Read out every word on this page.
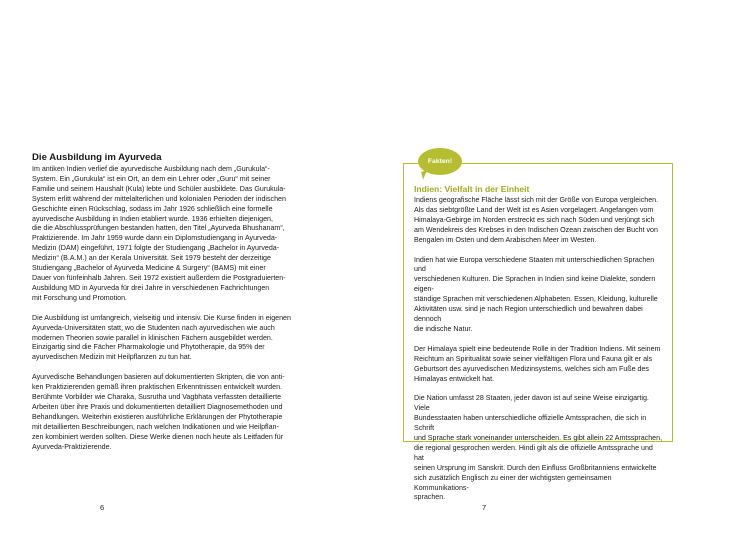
Die Ausbildung im Ayurveda

Im antiken Indien verlief die ayurvedische Ausbildung nach dem „Gurukula“-
System. Ein „Gurukula“ ist ein Ort, an dem ein Lehrer oder „Guru“ mit seiner
Familie und seinem Haushalt (Kula) lebte und Schüler ausbildete. Das Gurukula-
System erlitt während der mittelalterlichen und kolonialen Perioden der indischen
Geschichte einen Rückschlag, sodass im Jahr 1926 schließlich eine formelle
ayurvedische Ausbildung in Indien etabliert wurde. 1936 erhielten diejenigen,
die die Abschlussprüfungen bestanden hatten, den Titel „Ayurveda Bhushanam“,
Praktizierende. Im Jahr 1959 wurde dann ein Diplomstudiengang in Ayurveda-
Medizin (DAM) eingeführt, 1971 folgte der Studiengang „Bachelor in Ayurveda-
Medizin“ (B.A.M.) an der Kerala Universität. Seit 1979 besteht der derzeitige
Studiengang „Bachelor of Ayurveda Medicine & Surgery“ (BAMS) mit einer
Dauer von fünfeinhalb Jahren. Seit 1972 existiert außerdem die Postgraduierten-
Ausbildung MD in Ayurveda für drei Jahre in verschiedenen Fachrichtungen
mit Forschung und Promotion.

Die Ausbildung ist umfangreich, vielseitig und intensiv. Die Kurse finden in eigenen
Ayurveda-Universitäten statt, wo die Studenten nach ayurvedischen wie auch
modernen Theorien sowie parallel in klinischen Fächern ausgebildet werden.
Einzigartig sind die Fächer Pharmakologie und Phytotherapie, da 95% der
ayurvedischen Medizin mit Heilpflanzen zu tun hat.

Ayurvedische Behandlungen basieren auf dokumentierten Skripten, die von anti-
ken Praktizierenden gemäß ihren praktischen Erkenntnissen entwickelt wurden.
Berühmte Vorbilder wie Charaka, Susrutha und Vagbhata verfassten detaillierte
Arbeiten über ihre Praxis und dokumentierten detailliert Diagnosemethoden und
Behandlungen. Weiterhin existieren ausführliche Erklärungen der Phytotherapie
mit detaillierten Beschreibungen, nach welchen Indikationen und wie Heilpflan-
zen kombiniert werden sollten. Diese Werke dienen noch heute als Leitfaden für
Ayurveda-Praktizierende.

6
Fakten!
Indien: Vielfalt in der Einheit

Indiens geografische Fläche lässt sich mit der Größe von Europa vergleichen.
Als das siebtgrößte Land der Welt ist es Asien vorgelagert. Angefangen vom
Himalaya-Gebirge im Norden erstreckt es sich nach Süden und verjüngt sich
am Wendekreis des Krebses in den Indischen Ozean zwischen der Bucht von
Bengalen im Osten und dem Arabischen Meer im Westen.

Indien hat wie Europa verschiedene Staaten mit unterschiedlichen Sprachen und
verschiedenen Kulturen. Die Sprachen in Indien sind keine Dialekte, sondern eigen-
ständige Sprachen mit verschiedenen Alphabeten. Essen, Kleidung, kulturelle
Aktivitäten usw. sind je nach Region unterschiedlich und bewahren dabei dennoch
die indische Natur.

Der Himalaya spielt eine bedeutende Rolle in der Tradition Indiens. Mit seinem
Reichtum an Spiritualität sowie seiner vielfältigen Flora und Fauna gilt er als
Geburtsort des ayurvedischen Medizinsystems, welches sich am Fuße des
Himalayas entwickelt hat.

Die Nation umfasst 28 Staaten, jeder davon ist auf seine Weise einzigartig. Viele
Bundesstaaten haben unterschiedliche offizielle Amtssprachen, die sich in Schrift
und Sprache stark voneinander unterscheiden. Es gibt allein 22 Amtssprachen,
die regional gesprochen werden. Hindi gilt als die offizielle Amtssprache und hat
seinen Ursprung im Sanskrit. Durch den Einfluss Großbritanniens entwickelte
sich zusätzlich Englisch zu einer der wichtigsten gemeinsamen Kommunikations-
sprachen.

7
